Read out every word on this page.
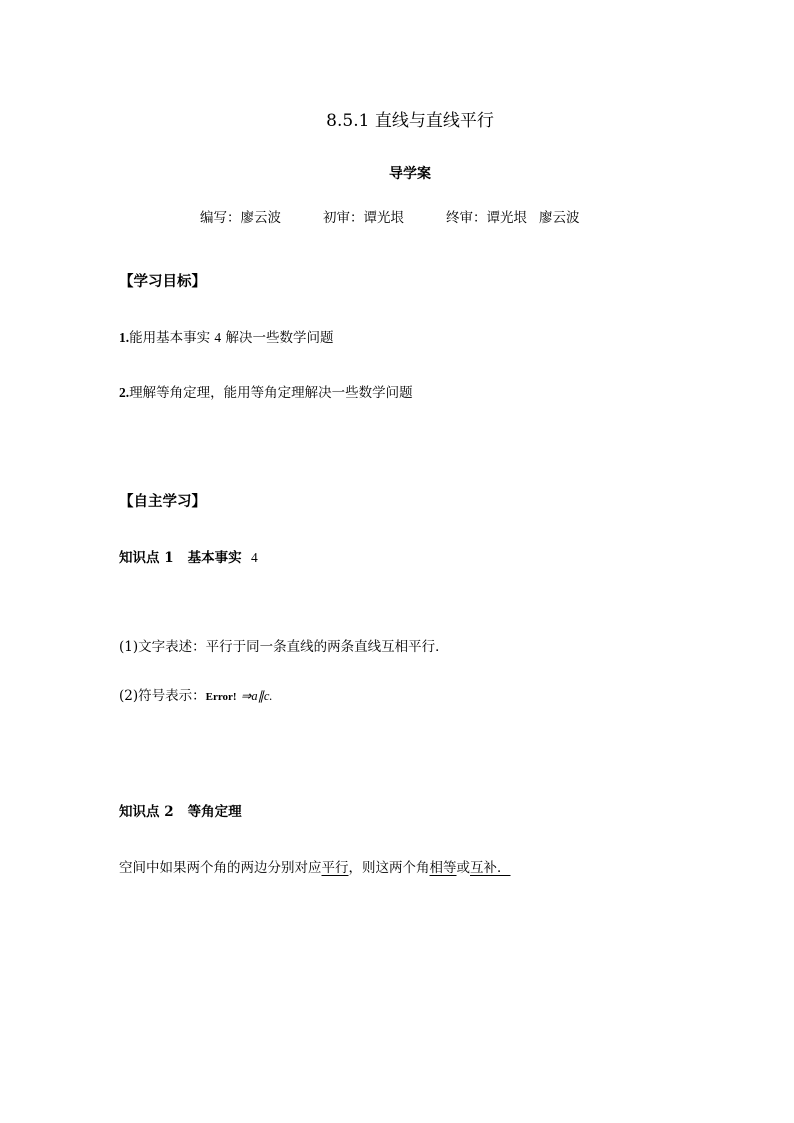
8.5.1 直线与直线平行
导学案
编写：廖云波	初审：谭光垠	终审：谭光垠 廖云波
【学习目标】
1.能用基本事实 4 解决一些数学问题
2.理解等角定理，能用等角定理解决一些数学问题
【自主学习】
知识点 1 基本事实 4
(1)文字表述：平行于同一条直线的两条直线互相平行．
(2)符号表示：Error! ⇒a∥c.
知识点 2 等角定理
空间中如果两个角的两边分别对应平行，则这两个角相等或互补．
